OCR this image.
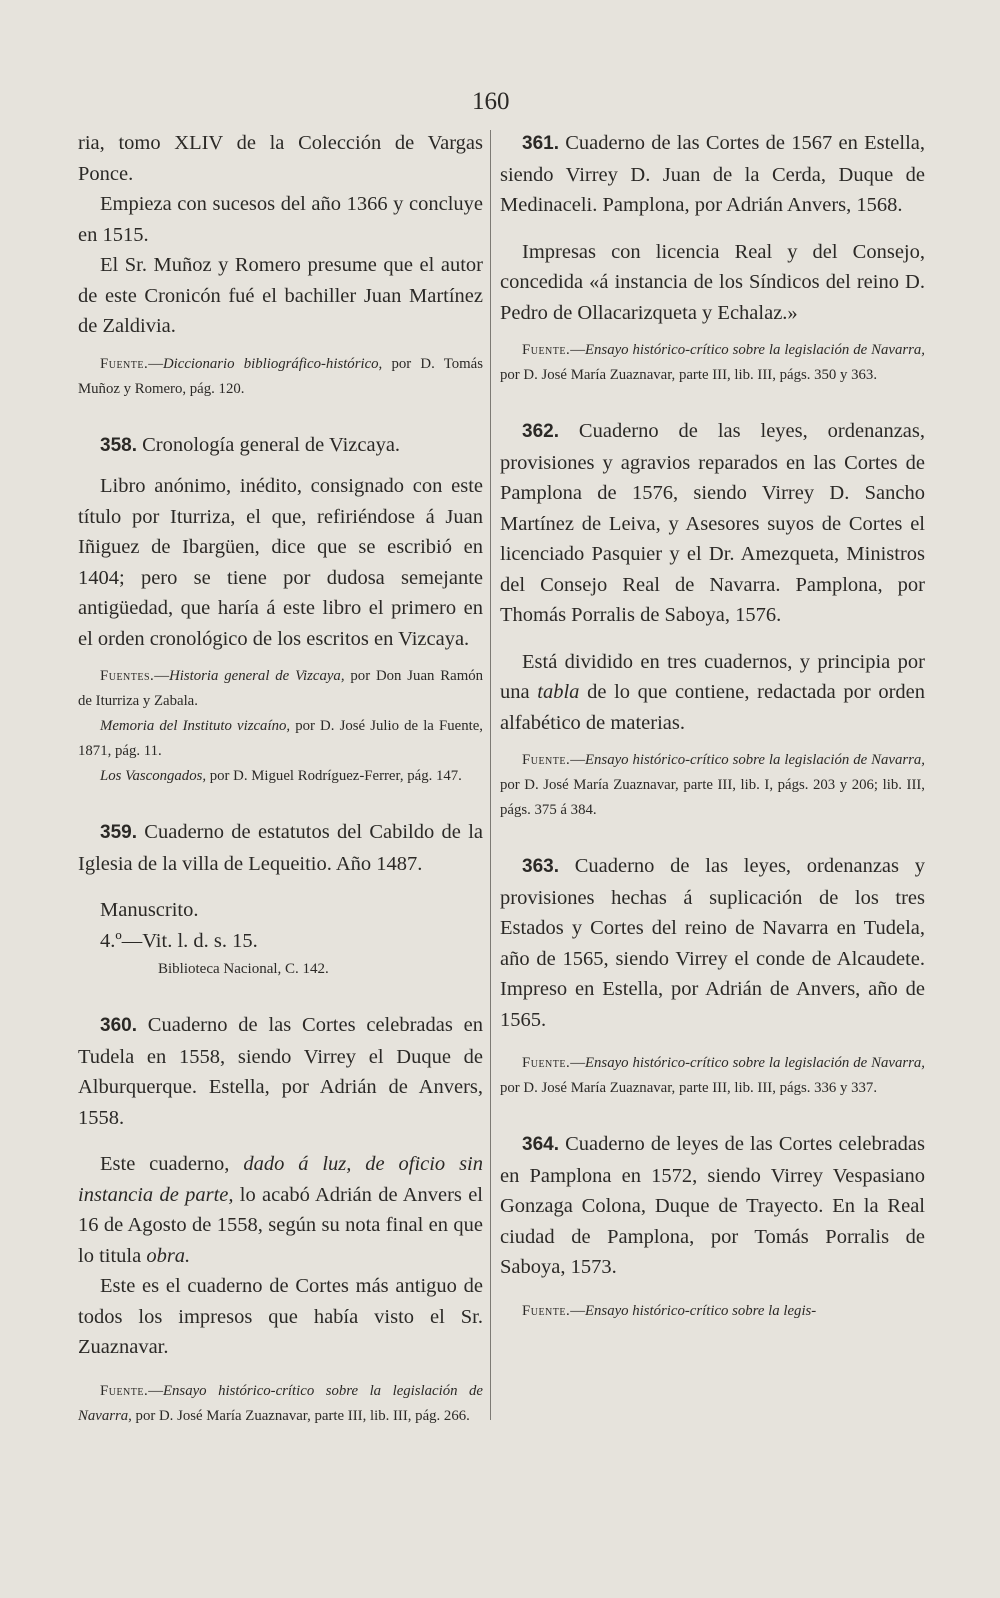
160

ria, tomo XLIV de la Colección de Vargas Ponce.

Empieza con sucesos del año 1366 y concluye en 1515.

El Sr. Muñoz y Romero presume que el autor de este Cronicón fué el bachiller Juan Martínez de Zaldivia.

Fuente.—Diccionario bibliográfico-histórico, por D. Tomás Muñoz y Romero, pág. 120.

358. Cronología general de Vizcaya.

Libro anónimo, inédito, consignado con este título por Iturriza, el que, refiriéndose á Juan Iñiguez de Ibargüen, dice que se escribió en 1404; pero se tiene por dudosa semejante antigüedad, que haría á este libro el primero en el orden cronológico de los escritos en Vizcaya.

Fuentes.—Historia general de Vizcaya, por Don Juan Ramón de Iturriza y Zabala.

Memoria del Instituto vizcaíno, por D. José Julio de la Fuente, 1871, pág. 11.

Los Vascongados, por D. Miguel Rodríguez-Ferrer, pág. 147.

359. Cuaderno de estatutos del Cabildo de la Iglesia de la villa de Lequeitio. Año 1487.

Manuscrito.

4.º—Vit. l. d. s. 15.

Biblioteca Nacional, C. 142.

360. Cuaderno de las Cortes celebradas en Tudela en 1558, siendo Virrey el Duque de Alburquerque. Estella, por Adrián de Anvers, 1558.

Este cuaderno, dado á luz, de oficio sin instancia de parte, lo acabó Adrián de Anvers el 16 de Agosto de 1558, según su nota final en que lo titula obra.

Este es el cuaderno de Cortes más antiguo de todos los impresos que había visto el Sr. Zuaznavar.

Fuente.—Ensayo histórico-crítico sobre la legislación de Navarra, por D. José María Zuaznavar, parte III, lib. III, pág. 266.

361. Cuaderno de las Cortes de 1567 en Estella, siendo Virrey D. Juan de la Cerda, Duque de Medinaceli. Pamplona, por Adrián Anvers, 1568.

Impresas con licencia Real y del Consejo, concedida «á instancia de los Síndicos del reino D. Pedro de Ollacarizqueta y Echalaz.»

Fuente.—Ensayo histórico-crítico sobre la legislación de Navarra, por D. José María Zuaznavar, parte III, lib. III, págs. 350 y 363.

362. Cuaderno de las leyes, ordenanzas, provisiones y agravios reparados en las Cortes de Pamplona de 1576, siendo Virrey D. Sancho Martínez de Leiva, y Asesores suyos de Cortes el licenciado Pasquier y el Dr. Amezqueta, Ministros del Consejo Real de Navarra. Pamplona, por Thomás Porralis de Saboya, 1576.

Está dividido en tres cuadernos, y principia por una tabla de lo que contiene, redactada por orden alfabético de materias.

Fuente.—Ensayo histórico-crítico sobre la legislación de Navarra, por D. José María Zuaznavar, parte III, lib. I, págs. 203 y 206; lib. III, págs. 375 á 384.

363. Cuaderno de las leyes, ordenanzas y provisiones hechas á suplicación de los tres Estados y Cortes del reino de Navarra en Tudela, año de 1565, siendo Virrey el conde de Alcaudete. Impreso en Estella, por Adrián de Anvers, año de 1565.

Fuente.—Ensayo histórico-crítico sobre la legislación de Navarra, por D. José María Zuaznavar, parte III, lib. III, págs. 336 y 337.

364. Cuaderno de leyes de las Cortes celebradas en Pamplona en 1572, siendo Virrey Vespasiano Gonzaga Colona, Duque de Trayecto. En la Real ciudad de Pamplona, por Tomás Porralis de Saboya, 1573.

Fuente.—Ensayo histórico-crítico sobre la legis-
